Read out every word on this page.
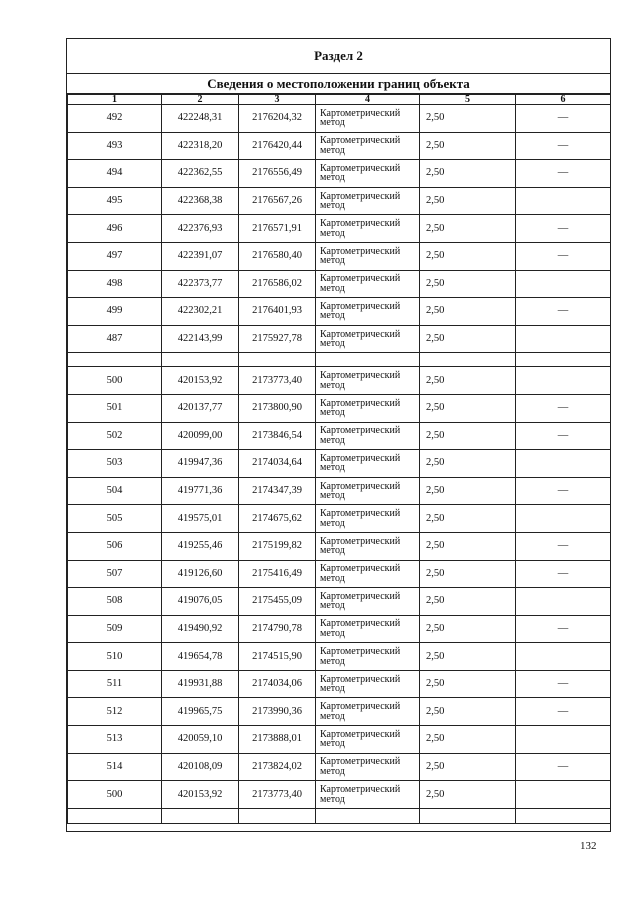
Раздел 2
Сведения о местоположении границ объекта
1	2	3	4	5	6
492	422248,31	2176204,32	Картометрический метод	2,50	—
493	422318,20	2176420,44	Картометрический метод	2,50	—
494	422362,55	2176556,49	Картометрический метод	2,50	—
495	422368,38	2176567,26	Картометрический метод	2,50	
496	422376,93	2176571,91	Картометрический метод	2,50	—
497	422391,07	2176580,40	Картометрический метод	2,50	—
498	422373,77	2176586,02	Картометрический метод	2,50	
499	422302,21	2176401,93	Картометрический метод	2,50	—
487	422143,99	2175927,78	Картометрический метод	2,50	

500	420153,92	2173773,40	Картометрический метод	2,50	
501	420137,77	2173800,90	Картометрический метод	2,50	—
502	420099,00	2173846,54	Картометрический метод	2,50	—
503	419947,36	2174034,64	Картометрический метод	2,50	
504	419771,36	2174347,39	Картометрический метод	2,50	—
505	419575,01	2174675,62	Картометрический метод	2,50	
506	419255,46	2175199,82	Картометрический метод	2,50	—
507	419126,60	2175416,49	Картометрический метод	2,50	—
508	419076,05	2175455,09	Картометрический метод	2,50	
509	419490,92	2174790,78	Картометрический метод	2,50	—
510	419654,78	2174515,90	Картометрический метод	2,50	
511	419931,88	2174034,06	Картометрический метод	2,50	—
512	419965,75	2173990,36	Картометрический метод	2,50	—
513	420059,10	2173888,01	Картометрический метод	2,50	
514	420108,09	2173824,02	Картометрический метод	2,50	—
500	420153,92	2173773,40	Картометрический метод	2,50	

132
